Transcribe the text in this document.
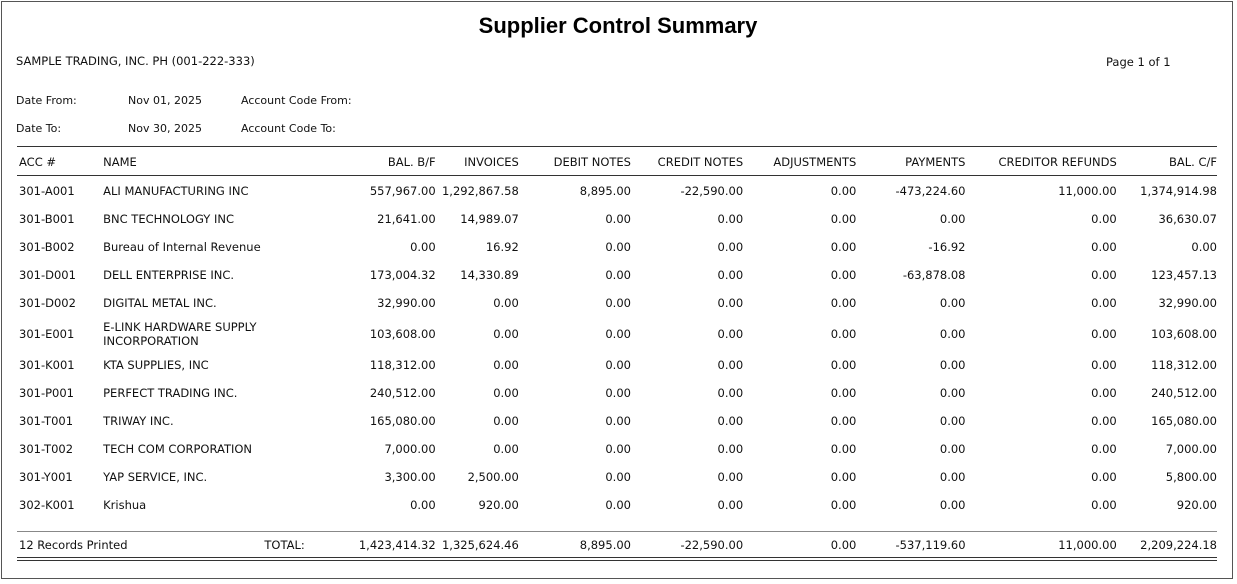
Supplier Control Summary
SAMPLE TRADING, INC. PH (001-222-333)	Page 1 of 1
Date From:	Nov 01, 2025	Account Code From:
Date To:	Nov 30, 2025	Account Code To:
ACC #	NAME	BAL. B/F	INVOICES	DEBIT NOTES	CREDIT NOTES	ADJUSTMENTS	PAYMENTS	CREDITOR REFUNDS	BAL. C/F
301-A001	ALI MANUFACTURING INC	557,967.00	1,292,867.58	8,895.00	-22,590.00	0.00	-473,224.60	11,000.00	1,374,914.98
301-B001	BNC TECHNOLOGY INC	21,641.00	14,989.07	0.00	0.00	0.00	0.00	0.00	36,630.07
301-B002	Bureau of Internal Revenue	0.00	16.92	0.00	0.00	0.00	-16.92	0.00	0.00
301-D001	DELL ENTERPRISE INC.	173,004.32	14,330.89	0.00	0.00	0.00	-63,878.08	0.00	123,457.13
301-D002	DIGITAL METAL INC.	32,990.00	0.00	0.00	0.00	0.00	0.00	0.00	32,990.00
301-E001	E-LINK HARDWARE SUPPLY INCORPORATION	103,608.00	0.00	0.00	0.00	0.00	0.00	0.00	103,608.00
301-K001	KTA SUPPLIES, INC	118,312.00	0.00	0.00	0.00	0.00	0.00	0.00	118,312.00
301-P001	PERFECT TRADING INC.	240,512.00	0.00	0.00	0.00	0.00	0.00	0.00	240,512.00
301-T001	TRIWAY INC.	165,080.00	0.00	0.00	0.00	0.00	0.00	0.00	165,080.00
301-T002	TECH COM CORPORATION	7,000.00	0.00	0.00	0.00	0.00	0.00	0.00	7,000.00
301-Y001	YAP SERVICE, INC.	3,300.00	2,500.00	0.00	0.00	0.00	0.00	0.00	5,800.00
302-K001	Krishua	0.00	920.00	0.00	0.00	0.00	0.00	0.00	920.00
12 Records Printed	TOTAL:	1,423,414.32	1,325,624.46	8,895.00	-22,590.00	0.00	-537,119.60	11,000.00	2,209,224.18
